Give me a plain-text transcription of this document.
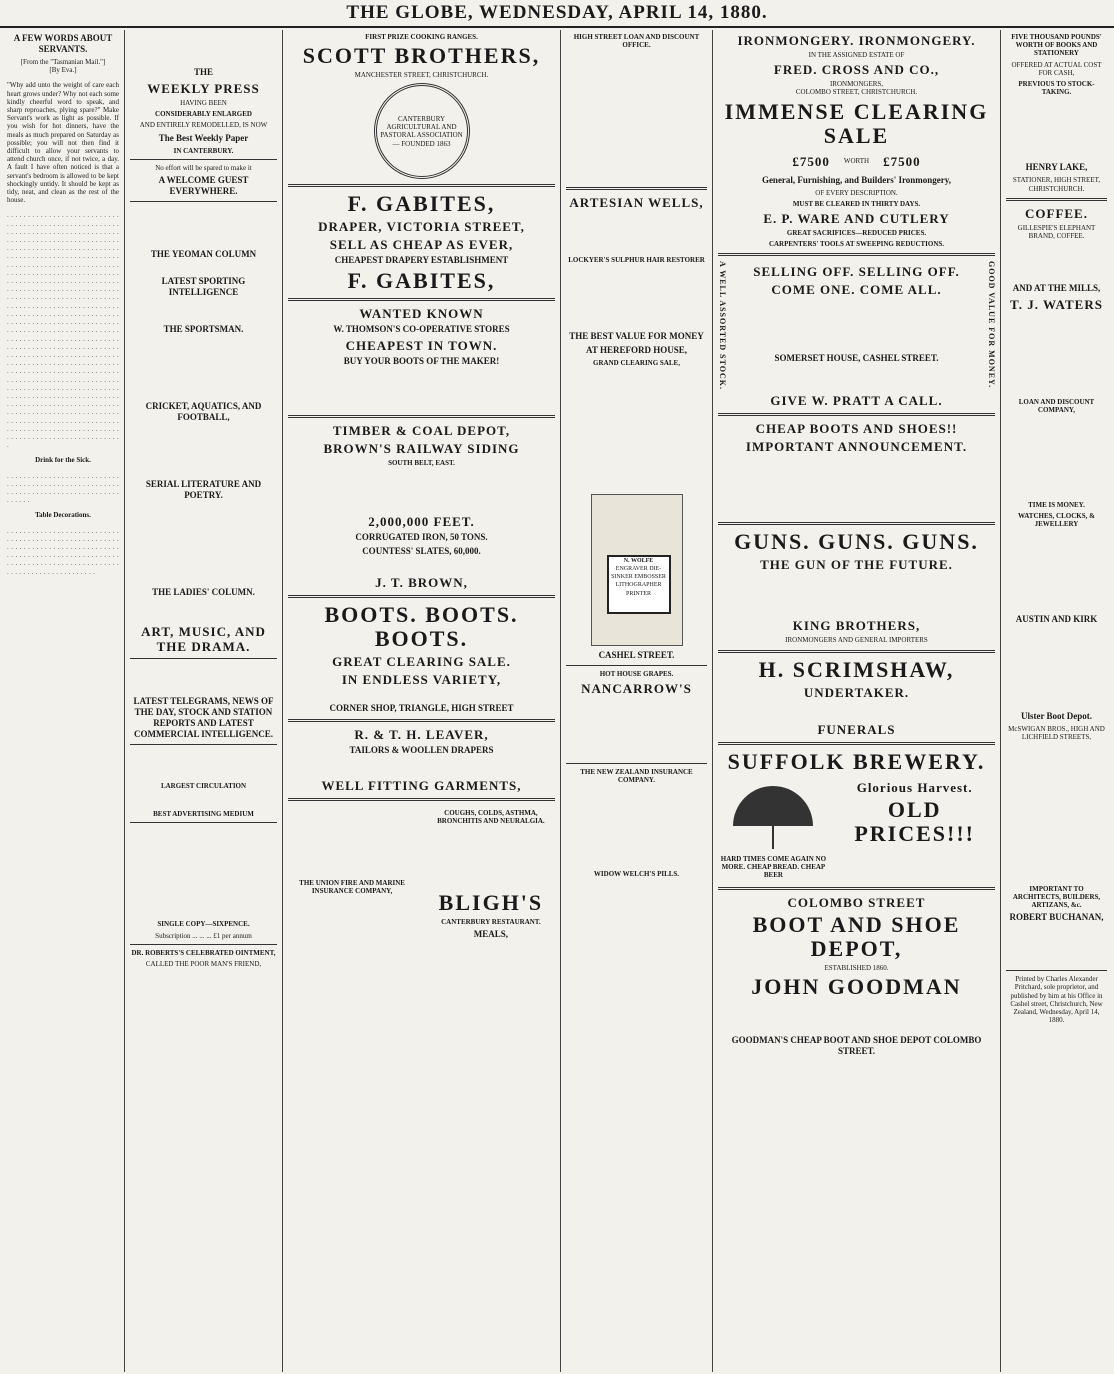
THE GLOBE, WEDNESDAY, APRIL 14, 1880.
A FEW WORDS ABOUT SERVANTS.
[From the "Tasmanian Mail."]
[By Eva.]

"Why add unto the weight of care each heart grows under? Why not each some kindly cheerful word to speak, and sharp reproaches, plying spare?" Make Servant's work as light as possible. If you wish for hot dinners, have the meals as much prepared on Saturday as possible; you will not then find it difficult to allow your servants to attend church once, if not twice, a day. A fault I have often noticed is that a servant's bedroom is allowed to be kept shockingly untidy. It should be kept as tidy, neat, and clean as the rest of the house.

. . . . . . . . . . . . . . . . . . . . . . . . . . . . . . . . . . . . . . . . . . . . . . . . . . . . . . . . . . . . . . . . . . . . . . . . . . . . . . . . . . . . . . . . . . . . . . . . . . . . . . . . . . . . . . . . . . . . . . . . . . . . . . . . . . . . . . . . . . . . . . . . . . . . . . . . . . . . . . . . . . . . . . . . . . . . . . . . . . . . . . . . . . . . . . . . . . . . . . . . . . . . . . . . . . . . . . . . . . . . . . . . . . . . . . . . . . . . . . . . . . . . . . . . . . . . . . . . . . . . . . . . . . . . . . . . . . . . . . . . . . . . . . . . . . . . . . . . . . . . . . . . . . . . . . . . . . . . . . . . . . . . . . . . . . . . . . . . . . . . . . . . . . . . . . . . . . . . . . . . . . . . . . . . . . . . . . . . . . . . . . . . . . . . . . . . . . . . . . . . . . . . . . . . . . . . . . . . . . . . . . . . . . . . . . . . . . . . . . . . . . . . . . . . . . . . . . . . . . . . . . . . . . . . . . . . . . . . . . . . . . . . . . . . . . . . . . . . . . . . . . . . . . . . . . . . . . . . . . . . . . . . . . . . . . . . . . . . . . . . . . . . . . . . . . . . . . . . . . . . . . . . . . . . . . . . . . . . . . . . . . . . . . . . . . . . . . . . . . . . . . . . . . . . . . . . . . . . . . . . . . . . . . . . . . . . . . . . . . . . . . . . . . . . . . . . . . . . . . . . . . . . . . . . . . . . . . . . . . . . . . . . . . . . . . . . . . . . . . . . . . . . . . . . . . . . . . . . . . . . . . . . . . . . . . . . . . . . . . . . . . . . . . . . . . . . . . . . .

Drink for the Sick.

. . . . . . . . . . . . . . . . . . . . . . . . . . . . . . . . . . . . . . . . . . . . . . . . . . . . . . . . . . . . . . . . . . . . . . . . . . . . . . . . . . . . . . .

Table Decorations.

. . . . . . . . . . . . . . . . . . . . . . . . . . . . . . . . . . . . . . . . . . . . . . . . . . . . . . . . . . . . . . . . . . . . . . . . . . . . . . . . . . . . . . . . . . . . . . . . . . . . . . . . . . . . . . . . . . . . . . . . . . . . . . . . . . . . . . . . . . . . . . . . . . . . . . . . . . . . .

THE
WEEKLY PRESS
HAVING BEEN
CONSIDERABLY ENLARGED
AND ENTIRELY REMODELLED, IS NOW
The Best Weekly Paper
IN CANTERBURY.
No effort will be spared to make it
A WELCOME GUEST EVERYWHERE.
THE YEOMAN COLUMN
LATEST SPORTING INTELLIGENCE
THE SPORTSMAN.
CRICKET, AQUATICS, AND FOOTBALL,
SERIAL LITERATURE AND POETRY.
THE LADIES' COLUMN.
ART, MUSIC, AND THE DRAMA.
LATEST TELEGRAMS, NEWS OF THE DAY, STOCK AND STATION REPORTS AND LATEST COMMERCIAL INTELLIGENCE.
LARGEST CIRCULATION
BEST ADVERTISING MEDIUM
SINGLE COPY—SIXPENCE.
Subscription ... ... ... £1 per annum
DR. ROBERTS'S CELEBRATED OINTMENT,
CALLED THE POOR MAN'S FRIEND,
FIRST PRIZE COOKING RANGES.
SCOTT BROTHERS,
MANCHESTER STREET, CHRISTCHURCH.
CANTERBURY AGRICULTURAL AND PASTORAL ASSOCIATION — FOUNDED 1863
F. GABITES,
DRAPER, VICTORIA STREET,
SELL AS CHEAP AS EVER,
CHEAPEST DRAPERY ESTABLISHMENT
F. GABITES,
WANTED KNOWN
W. THOMSON'S CO-OPERATIVE STORES
CHEAPEST IN TOWN.
BUY YOUR BOOTS OF THE MAKER!
TIMBER & COAL DEPOT,
BROWN'S RAILWAY SIDING
SOUTH BELT, EAST.
2,000,000 FEET.
CORRUGATED IRON, 50 TONS.
COUNTESS' SLATES, 60,000.
J. T. BROWN,
BOOTS. BOOTS. BOOTS.
GREAT CLEARING SALE.
IN ENDLESS VARIETY,
CORNER SHOP, TRIANGLE, HIGH STREET
R. & T. H. LEAVER,
TAILORS & WOOLLEN DRAPERS
WELL FITTING GARMENTS,
THE UNION FIRE AND MARINE INSURANCE COMPANY,
COUGHS, COLDS, ASTHMA, BRONCHITIS AND NEURALGIA.
BLIGH'S
CANTERBURY RESTAURANT.
MEALS,
HIGH STREET LOAN AND DISCOUNT OFFICE.
ARTESIAN WELLS,
LOCKYER'S SULPHUR HAIR RESTORER
THE BEST VALUE FOR MONEY
AT HEREFORD HOUSE,
GRAND CLEARING SALE,
N. WOLFE
ENGRAVER DIE-SINKER EMBOSSER LITHOGRAPHER PRINTER
CASHEL STREET.
HOT HOUSE GRAPES.
NANCARROW'S
THE NEW ZEALAND INSURANCE COMPANY.
WIDOW WELCH'S PILLS.
IRONMONGERY. IRONMONGERY.
IN THE ASSIGNED ESTATE OF
FRED. CROSS AND CO.,
IRONMONGERS,
COLOMBO STREET, CHRISTCHURCH.
IMMENSE CLEARING SALE
£7500 WORTH £7500
General, Furnishing, and Builders' Ironmongery,
OF EVERY DESCRIPTION.
MUST BE CLEARED IN THIRTY DAYS.
E. P. WARE AND CUTLERY
GREAT SACRIFICES—REDUCED PRICES.
CARPENTERS' TOOLS AT SWEEPING REDUCTIONS.
A WELL ASSORTED STOCK.	SELLING OFF. SELLING OFF.
COME ONE. COME ALL.
SOMERSET HOUSE, CASHEL STREET.	GOOD VALUE FOR MONEY.
GIVE W. PRATT A CALL.
CHEAP BOOTS AND SHOES!!
IMPORTANT ANNOUNCEMENT.
GUNS. GUNS. GUNS.
THE GUN OF THE FUTURE.
KING BROTHERS,
IRONMONGERS AND GENERAL IMPORTERS
H. SCRIMSHAW,
UNDERTAKER.
FUNERALS
SUFFOLK BREWERY.
HARD TIMES COME AGAIN NO MORE. CHEAP BREAD. CHEAP BEER
Glorious Harvest.
OLD PRICES!!!
COLOMBO STREET
BOOT AND SHOE DEPOT,
ESTABLISHED 1860.
JOHN GOODMAN
GOODMAN'S CHEAP BOOT AND SHOE DEPOT COLOMBO STREET.
FIVE THOUSAND POUNDS' WORTH OF BOOKS AND STATIONERY
OFFERED AT ACTUAL COST FOR CASH,
PREVIOUS TO STOCK-TAKING.
HENRY LAKE,
STATIONER, HIGH STREET, CHRISTCHURCH.
COFFEE.
GILLESPIE'S ELEPHANT BRAND, COFFEE.
AND AT THE MILLS,
T. J. WATERS
LOAN AND DISCOUNT COMPANY,
TIME IS MONEY.
WATCHES, CLOCKS, & JEWELLERY
AUSTIN AND KIRK
Ulster Boot Depot.
McSWIGAN BROS., HIGH AND LICHFIELD STREETS,
IMPORTANT TO ARCHITECTS, BUILDERS, ARTIZANS, &c.
ROBERT BUCHANAN,
Printed by Charles Alexander Pritchard, sole proprietor, and published by him at his Office in Cashel street, Christchurch, New Zealand, Wednesday, April 14, 1880.
